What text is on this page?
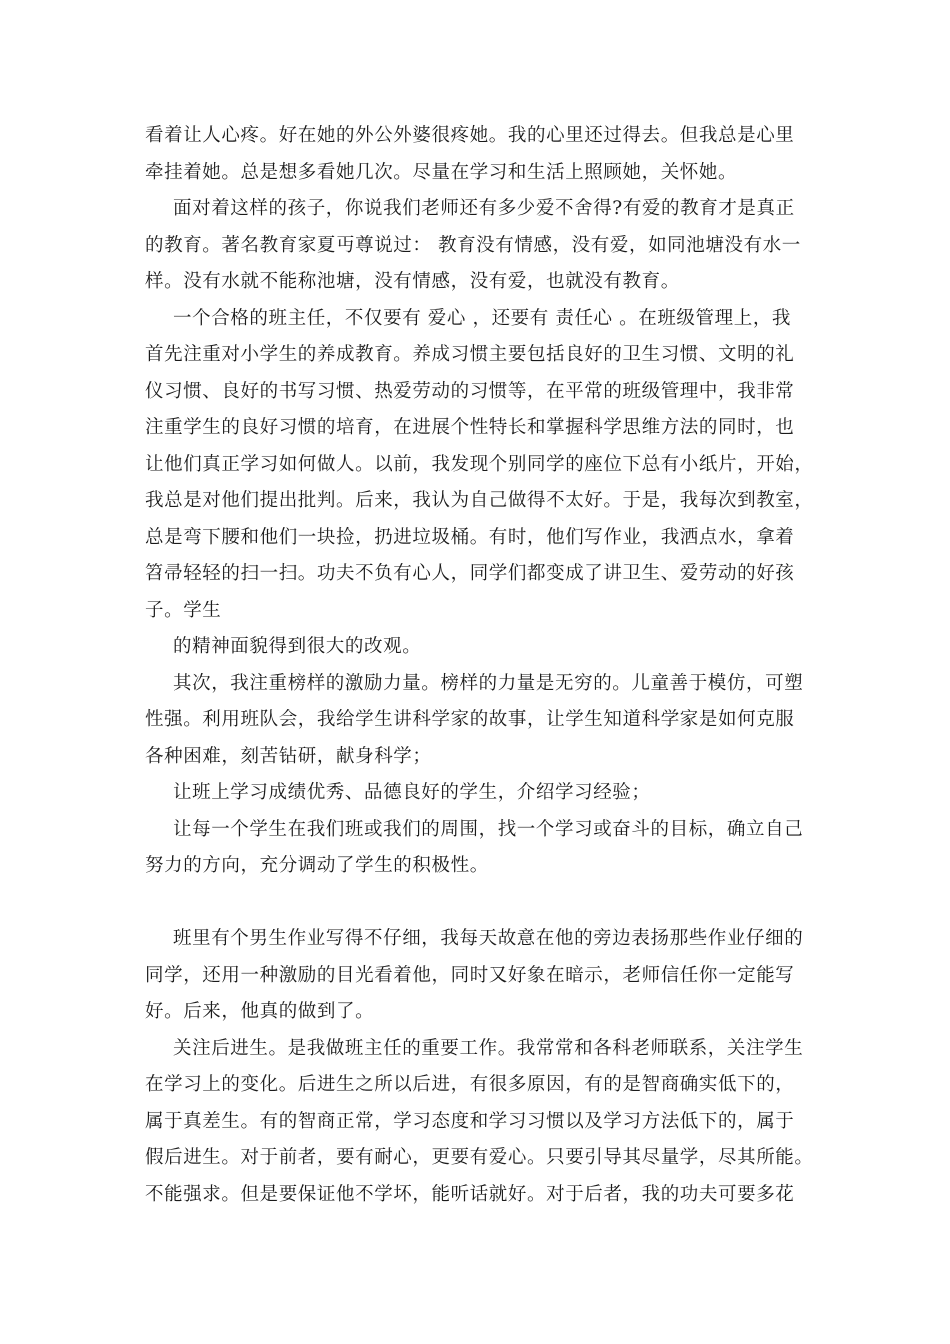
看着让人心疼。好在她的外公外婆很疼她。我的心里还过得去。但我总是心里
牵挂着她。总是想多看她几次。尽量在学习和生活上照顾她，关怀她。
面对着这样的孩子，你说我们老师还有多少爱不舍得?有爱的教育才是真正
的教育。著名教育家夏丏尊说过： 教育没有情感，没有爱，如同池塘没有水一
样。没有水就不能称池塘，没有情感，没有爱，也就没有教育。
一个合格的班主任，不仅要有 爱心 ，还要有 责任心 。在班级管理上，我
首先注重对小学生的养成教育。养成习惯主要包括良好的卫生习惯、文明的礼
仪习惯、良好的书写习惯、热爱劳动的习惯等，在平常的班级管理中，我非常
注重学生的良好习惯的培育，在进展个性特长和掌握科学思维方法的同时，也
让他们真正学习如何做人。以前，我发现个别同学的座位下总有小纸片，开始，
我总是对他们提出批判。后来，我认为自己做得不太好。于是，我每次到教室，
总是弯下腰和他们一块捡，扔进垃圾桶。有时，他们写作业，我洒点水，拿着
笤帚轻轻的扫一扫。功夫不负有心人，同学们都变成了讲卫生、爱劳动的好孩
子。学生
的精神面貌得到很大的改观。
其次，我注重榜样的激励力量。榜样的力量是无穷的。儿童善于模仿，可塑
性强。利用班队会，我给学生讲科学家的故事，让学生知道科学家是如何克服
各种困难，刻苦钻研，献身科学；
让班上学习成绩优秀、品德良好的学生，介绍学习经验；
让每一个学生在我们班或我们的周围，找一个学习或奋斗的目标，确立自己
努力的方向，充分调动了学生的积极性。
班里有个男生作业写得不仔细，我每天故意在他的旁边表扬那些作业仔细的
同学，还用一种激励的目光看着他，同时又好象在暗示，老师信任你一定能写
好。后来，他真的做到了。
关注后进生。是我做班主任的重要工作。我常常和各科老师联系，关注学生
在学习上的变化。后进生之所以后进，有很多原因，有的是智商确实低下的，
属于真差生。有的智商正常，学习态度和学习习惯以及学习方法低下的，属于
假后进生。对于前者，要有耐心，更要有爱心。只要引导其尽量学，尽其所能。
不能强求。但是要保证他不学坏，能听话就好。对于后者，我的功夫可要多花
